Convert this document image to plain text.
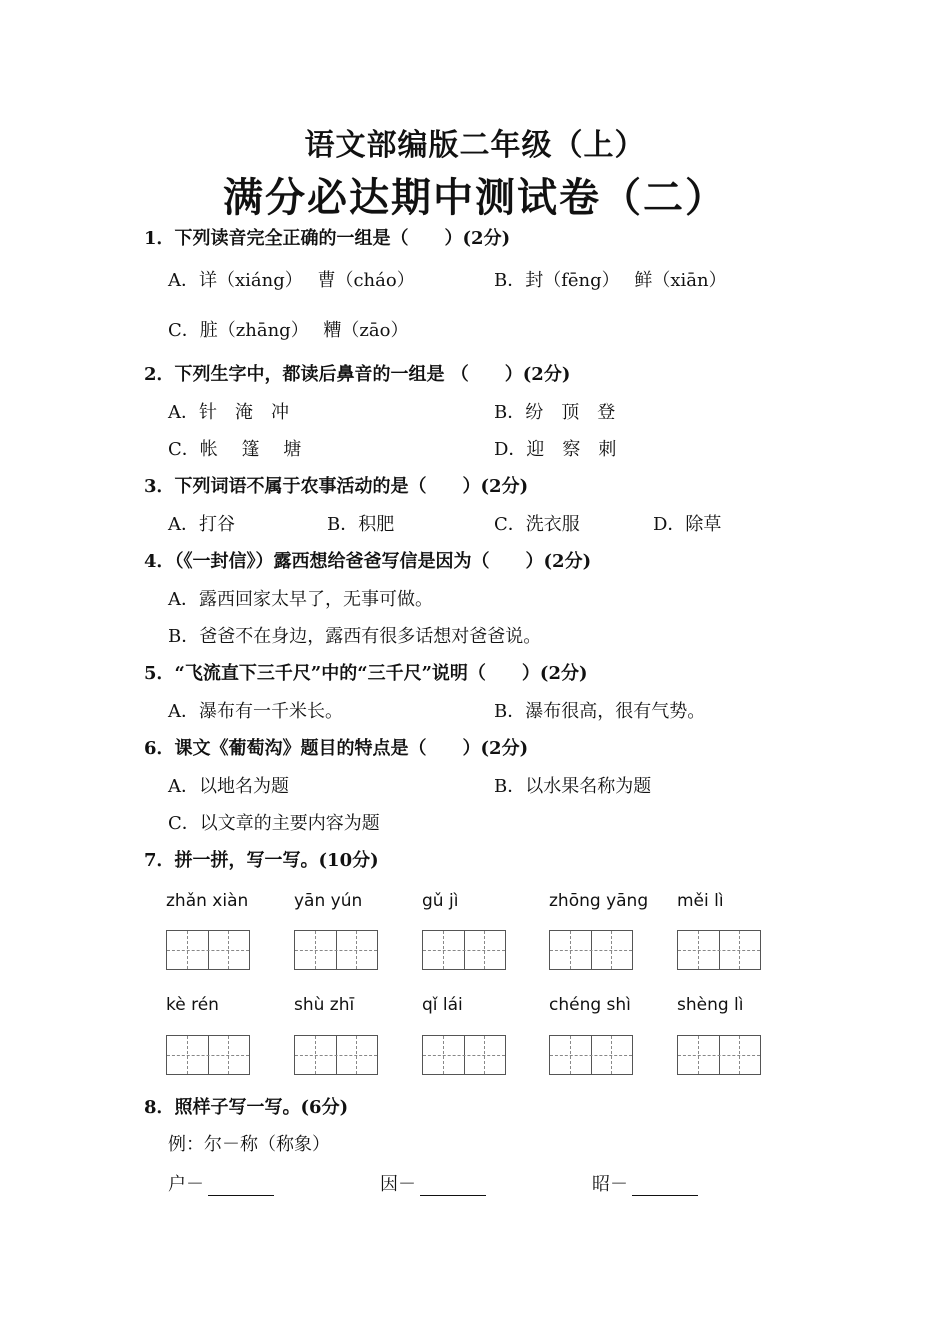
语文部编版二年级（上）
满分必达期中测试卷（二）
1．下列读音完全正确的一组是（　　）(2分)
A．详（xiáng）　 曹（cháo）	B．封（fēng）　 鲜（xiān）
C．脏（zhāng）　 糟（zāo）
2．下列生字中，都读后鼻音的一组是 （　　）(2分)
A．针　淹　冲	B．纷　顶　登
C．帐　 篷　 塘	D．迎　察　刺
3．下列词语不属于农事活动的是（　　）(2分)
A．打谷	B．积肥	C．洗衣服	D．除草
4．（《一封信》）露西想给爸爸写信是因为（　　）(2分)
A．露西回家太早了，无事可做。
B．爸爸不在身边，露西有很多话想对爸爸说。
5．“飞流直下三千尺”中的“三千尺”说明（　　）(2分)
A．瀑布有一千米长。	B．瀑布很高，很有气势。
6．课文《葡萄沟》题目的特点是（　　）(2分)
A．以地名为题	B．以水果名称为题
C．以文章的主要内容为题
7．拼一拼，写一写。(10分)
zhǎn xiàn	yān yún	gǔ jì	zhōng yāng měi lì
kè rén	shù zhī	qǐ lái	chéng shì	shèng lì
8．照样子写一写。(6分)
例：尔－称（称象）
户－	因－	昭－
